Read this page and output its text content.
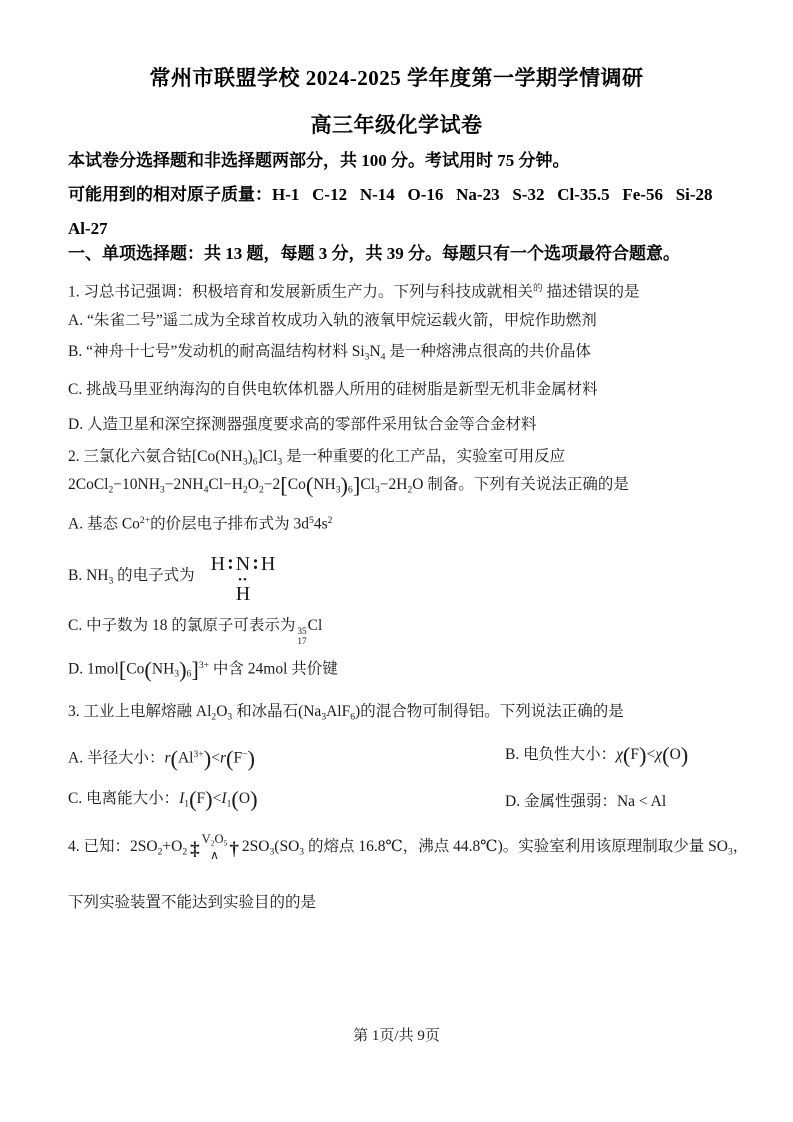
常州市联盟学校 2024-2025 学年度第一学期学情调研
高三年级化学试卷
本试卷分选择题和非选择题两部分，共 100 分。考试用时 75 分钟。
可能用到的相对原子质量：H-1   C-12   N-14   O-16   Na-23   S-32   Cl-35.5   Fe-56   Si-28
Al-27
一、单项选择题：共 13 题，每题 3 分，共 39 分。每题只有一个选项最符合题意。
1. 习总书记强调：积极培育和发展新质生产力。下列与科技成就相关$^的$ 描述错误的是
A. “朱雀二号”遥二成为全球首枚成功入轨的液氧甲烷运载火箭，甲烷作助燃剂
B. “神舟十七号”发动机的耐高温结构材料 $Si_3N_4$ 是一种熔沸点很高的共价晶体
C. 挑战马里亚纳海沟的自供电软体机器人所用的硅树脂是新型无机非金属材料
D. 人造卫星和深空探测器强度要求高的零部件采用钛合金等合金材料
2. 三氯化六氨合钴$[Co(NH_3)_6]Cl_3$ 是一种重要的化工产品，实验室可用反应
$2CoCl_2-10NH_3-2NH_4Cl-H_2O_2-2[Co(NH_3)_6]Cl_3-2H_2O$ 制备。下列有关说法正确的是
A. 基态 $Co^{2+}$的价层电子排布式为 $3d^54s^2$
B. $NH_3$ 的电子式为
H : N : H
••
H
C. 中子数为 18 的氯原子可表示为 35
17
Cl
D. $1mol[Co(NH_3)_6]^{3+}$ 中含 24mol 共价键
3. 工业上电解熔融 $Al_2O_3$ 和冰晶石$(Na_3AlF_6)$的混合物可制得铝。下列说法正确的是
A. 半径大小：$r(Al^{3+})<r(F^-)$	B. 电负性大小：χ(F)<χ(O)
C. 电离能大小：$I_1(F)<I_1(O)$	D. 金属性强弱：Na < Al
4. 已知：$2SO_2+O_2$ ‡
$V_2O_5$
∧ † $2SO_3(SO_3$ 的熔点 16.8℃，沸点 44.8℃)。实验室利用该原理制取少量 $SO_3$，
下列实验装置不能达到实验目的的是
第 1页/共 9页
